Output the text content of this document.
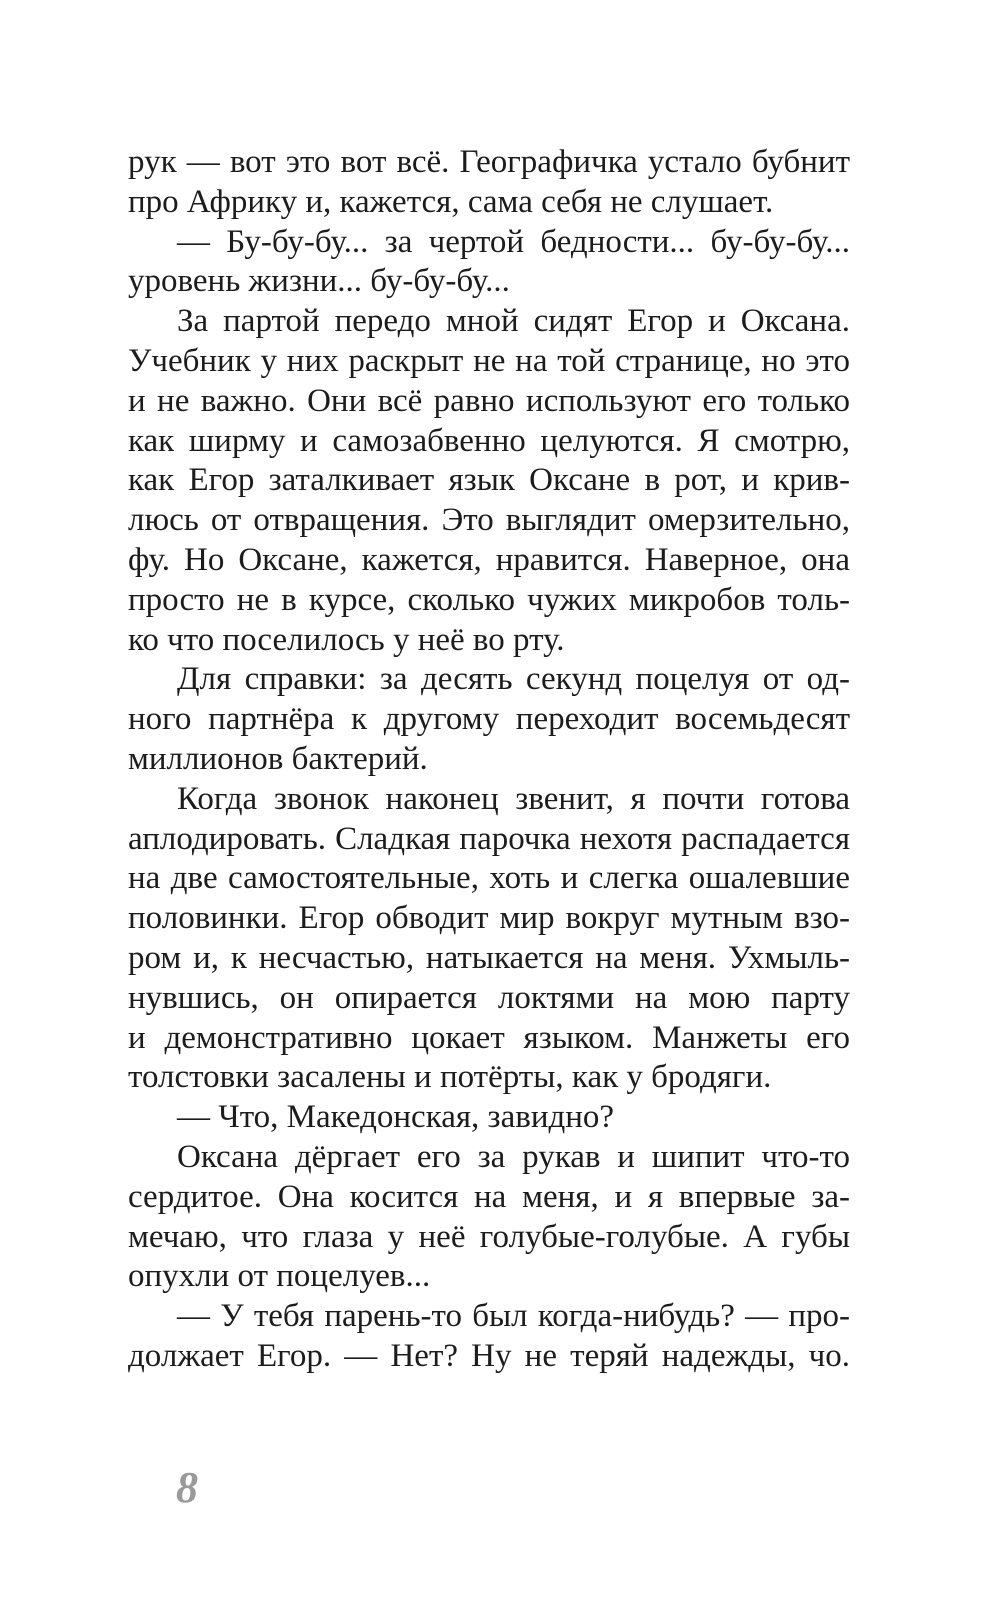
рук — вот это вот всё. Географичка устало бубнит
про Африку и, кажется, сама себя не слушает.
— Бу-бу-бу... за чертой бедности... бу-бу-бу...
уровень жизни... бу-бу-бу...
За партой передо мной сидят Егор и Оксана.
Учебник у них раскрыт не на той странице, но это
и не важно. Они всё равно используют его только
как ширму и самозабвенно целуются. Я смотрю,
как Егор заталкивает язык Оксане в рот, и крив-
люсь от отвращения. Это выглядит омерзительно,
фу. Но Оксане, кажется, нравится. Наверное, она
просто не в курсе, сколько чужих микробов толь-
ко что поселилось у неё во рту.
Для справки: за десять секунд поцелуя от од-
ного партнёра к другому переходит восемьдесят
миллионов бактерий.
Когда звонок наконец звенит, я почти готова
аплодировать. Сладкая парочка нехотя распадается
на две самостоятельные, хоть и слегка ошалевшие
половинки. Егор обводит мир вокруг мутным взо-
ром и, к несчастью, натыкается на меня. Ухмыль-
нувшись, он опирается локтями на мою парту
и демонстративно цокает языком. Манжеты его
толстовки засалены и потёрты, как у бродяги.
— Что, Македонская, завидно?
Оксана дёргает его за рукав и шипит что-то
сердитое. Она косится на меня, и я впервые за-
мечаю, что глаза у неё голубые-голубые. А губы
опухли от поцелуев...
— У тебя парень-то был когда-нибудь? — про-
должает Егор. — Нет? Ну не теряй надежды, чо.
8
